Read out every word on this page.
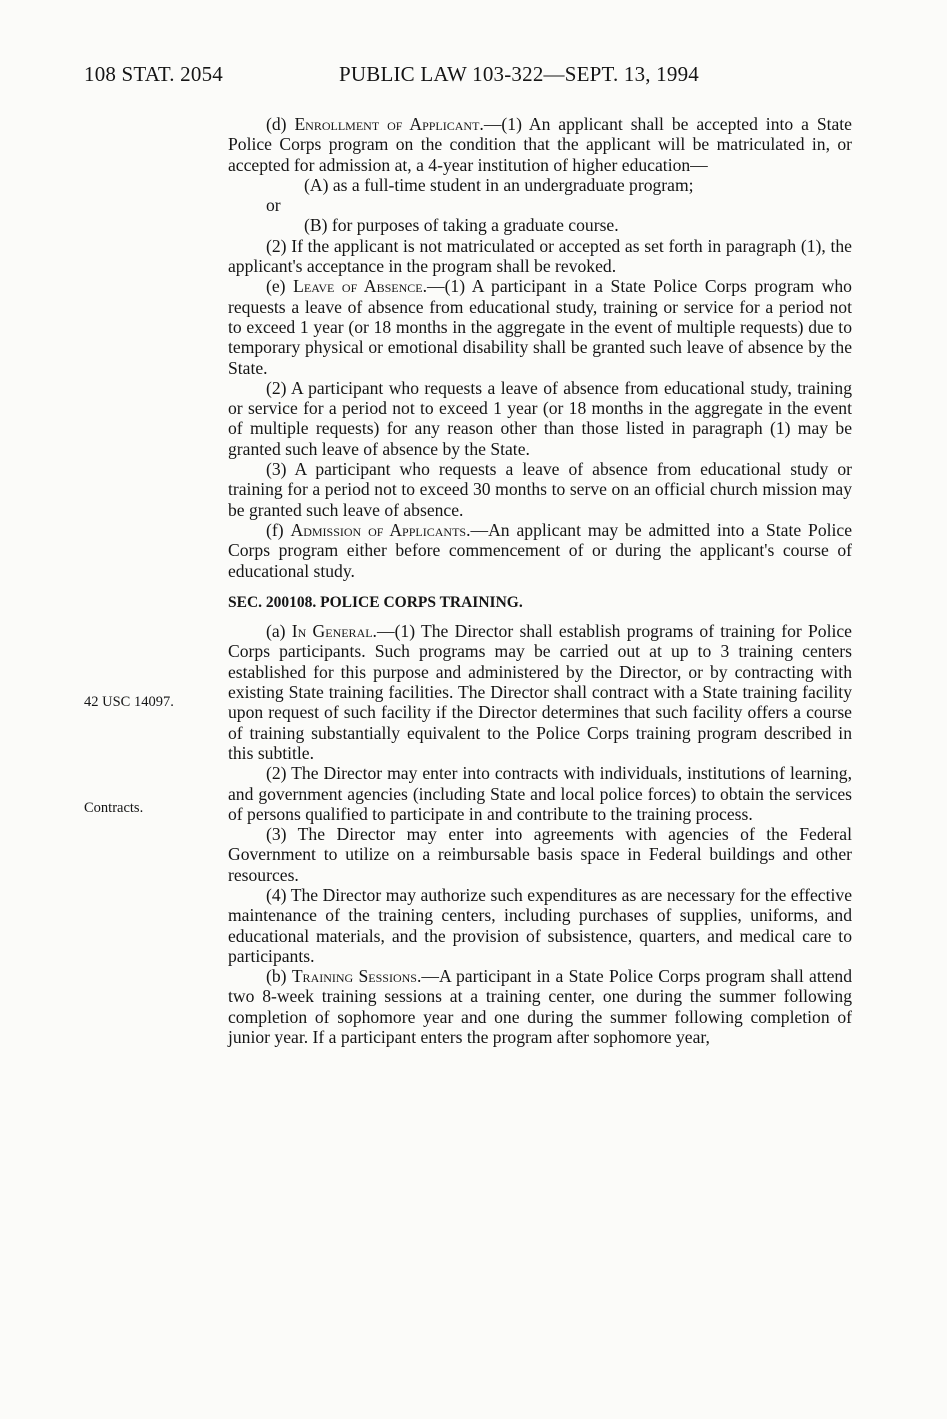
108 STAT. 2054	PUBLIC LAW 103-322—SEPT. 13, 1994
42 USC 14097.
Contracts.

(d) Enrollment of Applicant.—(1) An applicant shall be accepted into a State Police Corps program on the condition that the applicant will be matriculated in, or accepted for admission at, a 4-year institution of higher education—

(A) as a full-time student in an undergraduate program;

or

(B) for purposes of taking a graduate course.

(2) If the applicant is not matriculated or accepted as set forth in paragraph (1), the applicant's acceptance in the program shall be revoked.

(e) Leave of Absence.—(1) A participant in a State Police Corps program who requests a leave of absence from educational study, training or service for a period not to exceed 1 year (or 18 months in the aggregate in the event of multiple requests) due to temporary physical or emotional disability shall be granted such leave of absence by the State.

(2) A participant who requests a leave of absence from educational study, training or service for a period not to exceed 1 year (or 18 months in the aggregate in the event of multiple requests) for any reason other than those listed in paragraph (1) may be granted such leave of absence by the State.

(3) A participant who requests a leave of absence from educational study or training for a period not to exceed 30 months to serve on an official church mission may be granted such leave of absence.

(f) Admission of Applicants.—An applicant may be admitted into a State Police Corps program either before commencement of or during the applicant's course of educational study.

SEC. 200108. POLICE CORPS TRAINING.

(a) In General.—(1) The Director shall establish programs of training for Police Corps participants. Such programs may be carried out at up to 3 training centers established for this purpose and administered by the Director, or by contracting with existing State training facilities. The Director shall contract with a State training facility upon request of such facility if the Director determines that such facility offers a course of training substantially equivalent to the Police Corps training program described in this subtitle.

(2) The Director may enter into contracts with individuals, institutions of learning, and government agencies (including State and local police forces) to obtain the services of persons qualified to participate in and contribute to the training process.

(3) The Director may enter into agreements with agencies of the Federal Government to utilize on a reimbursable basis space in Federal buildings and other resources.

(4) The Director may authorize such expenditures as are necessary for the effective maintenance of the training centers, including purchases of supplies, uniforms, and educational materials, and the provision of subsistence, quarters, and medical care to participants.

(b) Training Sessions.—A participant in a State Police Corps program shall attend two 8-week training sessions at a training center, one during the summer following completion of sophomore year and one during the summer following completion of junior year. If a participant enters the program after sophomore year,
